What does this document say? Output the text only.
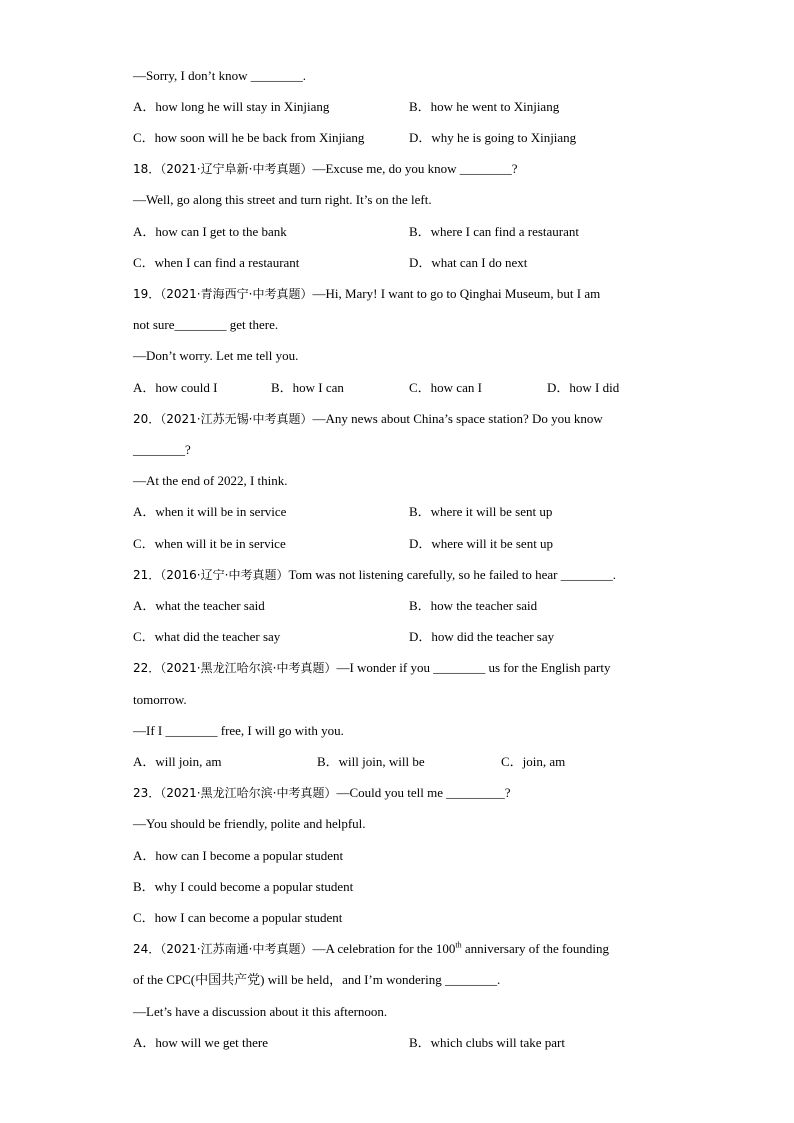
—Sorry, I don’t know ________.
A．how long he will stay in Xinjiang	B．how he went to Xinjiang
C．how soon will he be back from Xinjiang	D．why he is going to Xinjiang
18．（2021·辽宁阜新·中考真题）—Excuse me, do you know ________?
—Well, go along this street and turn right. It’s on the left.
A．how can I get to the bank	B．where I can find a restaurant
C．when I can find a restaurant	D．what can I do next
19．（2021·青海西宁·中考真题）—Hi, Mary! I want to go to Qinghai Museum, but I am
not sure________ get there.
—Don’t worry. Let me tell you.
A．how could I	B．how I can	C．how can I	D．how I did
20．（2021·江苏无锡·中考真题）—Any news about China’s space station? Do you know
________?
—At the end of 2022, I think.
A．when it will be in service	B．where it will be sent up
C．when will it be in service	D．where will it be sent up
21．（2016·辽宁·中考真题）Tom was not listening carefully, so he failed to hear ________.
A．what the teacher said	B．how the teacher said
C．what did the teacher say	D．how did the teacher say
22．（2021·黑龙江哈尔滨·中考真题）—I wonder if you ________ us for the English party
tomorrow.
—If I ________ free, I will go with you.
A．will join, am	B．will join, will be	C．join, am
23．（2021·黑龙江哈尔滨·中考真题）—Could you tell me _________?
—You should be friendly, polite and helpful.
A．how can I become a popular student
B．why I could become a popular student
C．how I can become a popular student
24．（2021·江苏南通·中考真题）—A celebration for the 100th anniversary of the founding
of the CPC(中国共产党) will be held，and I’m wondering ________.
—Let’s have a discussion about it this afternoon.
A．how will we get there	B．which clubs will take part
